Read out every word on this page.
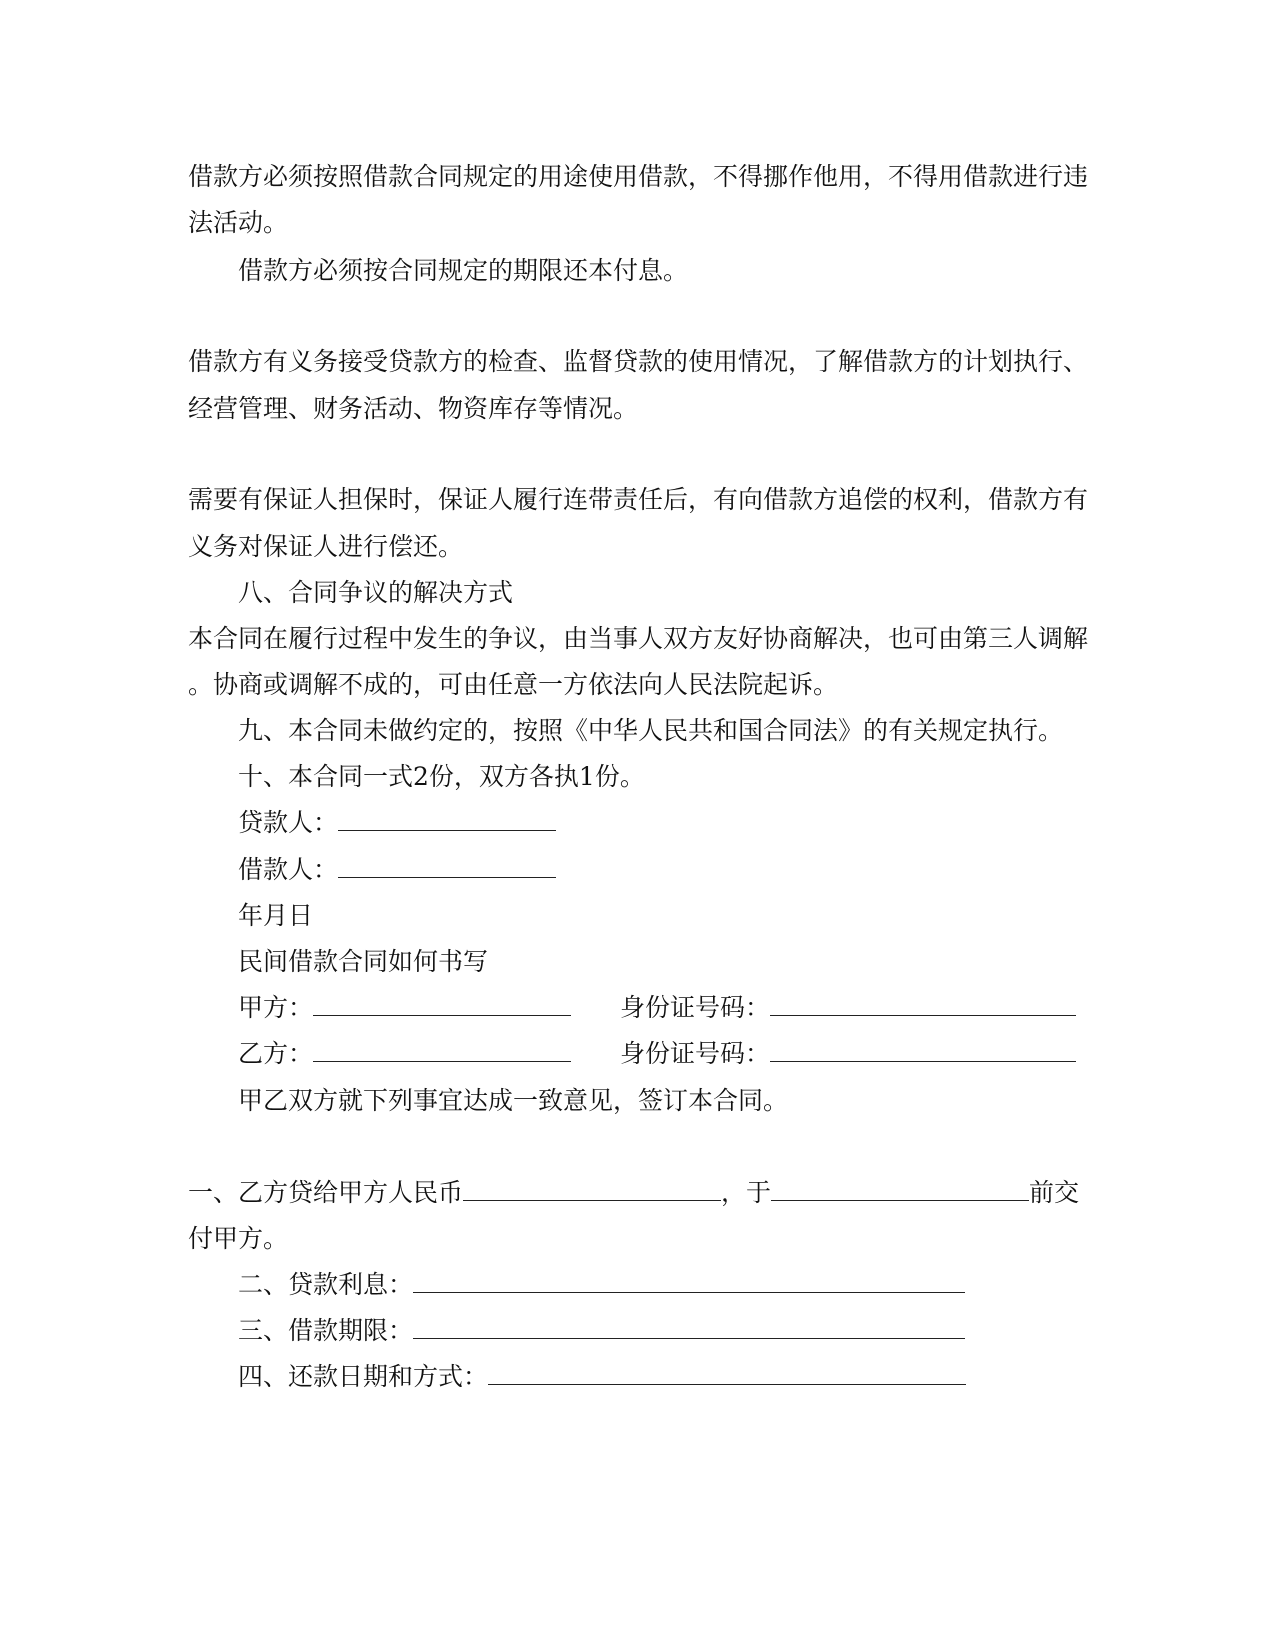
借款方必须按照借款合同规定的用途使用借款，不得挪作他用，不得用借款进行违
法活动。
借款方必须按合同规定的期限还本付息。
借款方有义务接受贷款方的检查、监督贷款的使用情况，了解借款方的计划执行、
经营管理、财务活动、物资库存等情况。
需要有保证人担保时，保证人履行连带责任后，有向借款方追偿的权利，借款方有
义务对保证人进行偿还。
八、合同争议的解决方式
本合同在履行过程中发生的争议，由当事人双方友好协商解决，也可由第三人调解
。协商或调解不成的，可由任意一方依法向人民法院起诉。
九、本合同未做约定的，按照《中华人民共和国合同法》的有关规定执行。
十、本合同一式2份，双方各执1份。
贷款人：
借款人：
年月日
民间借款合同如何书写
甲方：	身份证号码：
乙方：	身份证号码：
甲乙双方就下列事宜达成一致意见，签订本合同。
一、乙方贷给甲方人民币	，于	前交
付甲方。
二、贷款利息：
三、借款期限：
四、还款日期和方式：
